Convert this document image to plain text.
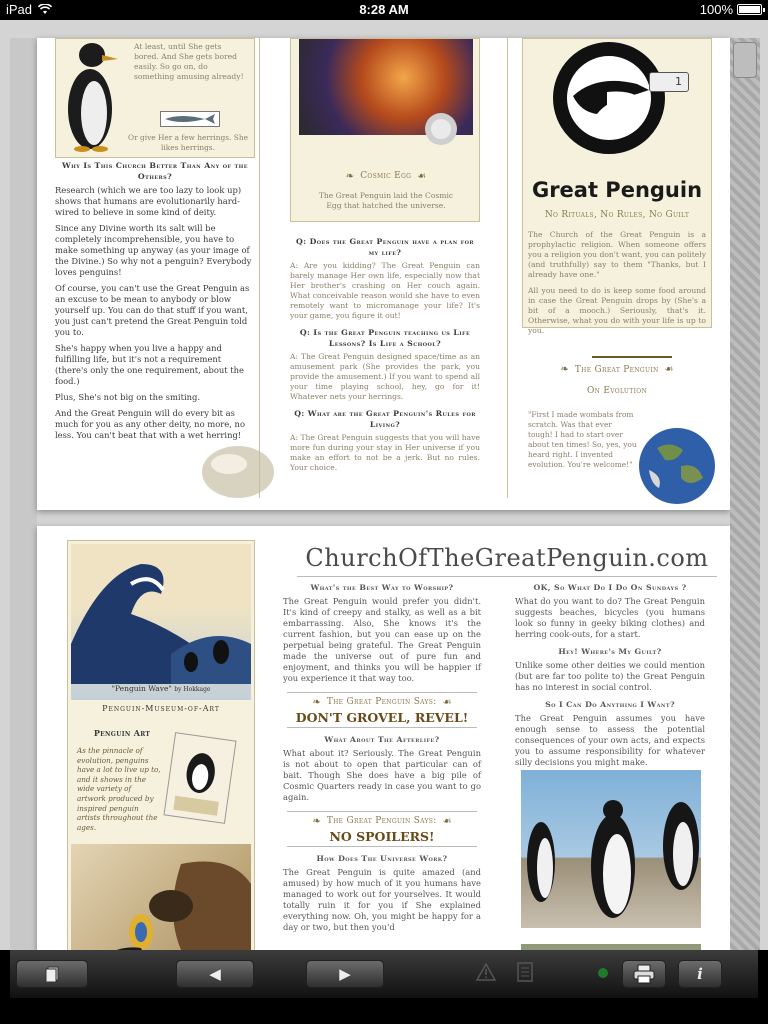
iPad	8:28 AM	100%
At least, until She gets bored. And She gets bored easily. So go on, do something amusing already!
Or give Her a few herrings. She likes herrings.
Why Is This Church Better Than Any of the Others?
Research (which we are too lazy to look up) shows that humans are evolutionarily hard-wired to believe in some kind of deity.
Since any Divine worth its salt will be completely incomprehensible, you have to make something up anyway (as your image of the Divine.) So why not a penguin? Everybody loves penguins!
Of course, you can't use the Great Penguin as an excuse to be mean to anybody or blow yourself up. You can do that stuff if you want, you just can't pretend the Great Penguin told you to.
She's happy when you live a happy and fulfilling life, but it's not a requirement (there's only the one requirement, about the food.)
Plus, She's not big on the smiting.
And the Great Penguin will do every bit as much for you as any other deity, no more, no less. You can't beat that with a wet herring!
❧ Cosmic Egg ☙
The Great Penguin laid the Cosmic Egg that hatched the universe.
Q: Does the Great Penguin have a plan for my life?
A: Are you kidding? The Great Penguin can barely manage Her own life, especially now that Her brother's crashing on Her couch again. What conceivable reason would she have to even remotely want to micromanage your life? It's your game, you figure it out!
Q: Is the Great Penguin teaching us Life Lessons? Is Life a School?
A: The Great Penguin designed space/time as an amusement park (She provides the park, you provide the amusement.) If you want to spend all your time playing school, hey, go for it! Whatever nets your herrings.
Q: What are the Great Penguin's Rules for Living?
A: The Great Penguin suggests that you will have more fun during your stay in Her universe if you make an effort to not be a jerk. But no rules. Your choice.
1
Great Penguin
No Rituals, No Rules, No Guilt
The Church of the Great Penguin is a prophylactic religion. When someone offers you a religion you don't want, you can politely (and truthfully) say to them "Thanks, but I already have one."
All you need to do is keep some food around in case the Great Penguin drops by (She's a bit of a mooch.) Seriously, that's it. Otherwise, what you do with your life is up to you.
❧ The Great Penguin ☙
On Evolution
"First I made wombats from scratch. Was that ever tough! I had to start over about ten times! So, yes, you heard right. I invented evolution. You're welcome!"
"Penguin Wave" by Hokkage
Penguin-Museum-of-Art
Penguin Art
As the pinnacle of evolution, penguins have a lot to live up to, and it shows in the wide variety of artwork produced by inspired penguin artists throughout the ages.
ChurchOfTheGreatPenguin.com
What's the Best Way to Worship?
The Great Penguin would prefer you didn't. It's kind of creepy and stalky, as well as a bit embarrassing. Also, She knows it's the current fashion, but you can ease up on the perpetual being grateful. The Great Penguin made the universe out of pure fun and enjoyment, and thinks you will be happier if you experience it that way too.
❧ The Great Penguin Says: ☙
DON'T GROVEL, REVEL!
What About The Afterlife?
What about it? Seriously. The Great Penguin is not about to open that particular can of bait. Though She does have a big pile of Cosmic Quarters ready in case you want to go again.
❧ The Great Penguin Says: ☙
NO SPOILERS!
How Does The Universe Work?
The Great Penguin is quite amazed (and amused) by how much of it you humans have managed to work out for yourselves. It would totally ruin it for you if She explained everything now. Oh, you might be happy for a day or two, but then you'd
OK, So What Do I Do On Sundays ?
What do you want to do? The Great Penguin suggests beaches, bicycles (you humans look so funny in geeky biking clothes) and herring cook-outs, for a start.
Hey! Where's My Guilt?
Unlike some other deities we could mention (but are far too polite to) the Great Penguin has no interest in social control.
So I Can Do Anything I Want?
The Great Penguin assumes you have enough sense to assess the potential consequences of your own acts, and expects you to assume responsibility for whatever silly decisions you might make.
◀	▶	i
